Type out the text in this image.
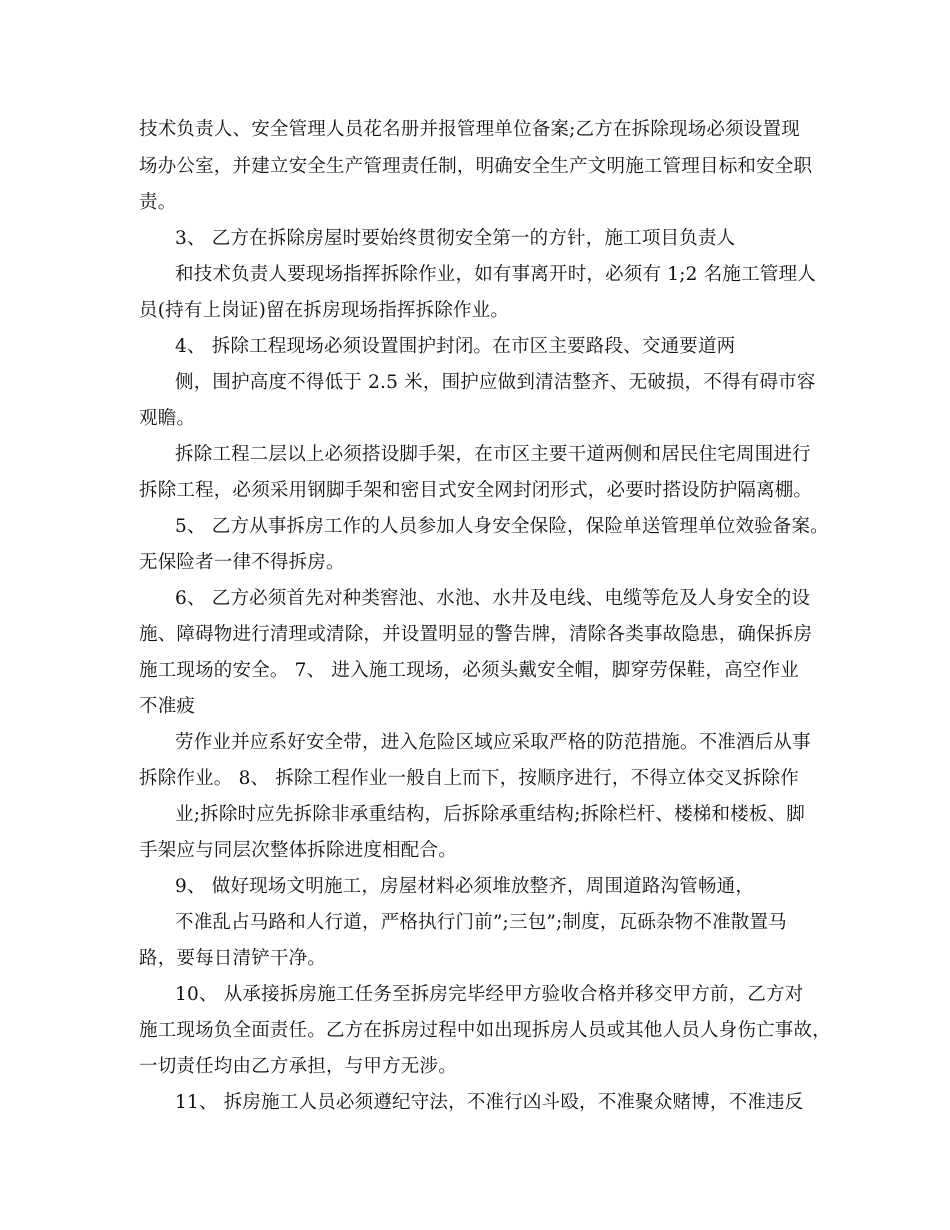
技术负责人、安全管理人员花名册并报管理单位备案;乙方在拆除现场必须设置现
场办公室，并建立安全生产管理责任制，明确安全生产文明施工管理目标和安全职
责。
3、 乙方在拆除房屋时要始终贯彻安全第一的方针，施工项目负责人
和技术负责人要现场指挥拆除作业，如有事离开时，必须有 1;2 名施工管理人
员(持有上岗证)留在拆房现场指挥拆除作业。
4、 拆除工程现场必须设置围护封闭。在市区主要路段、交通要道两
侧，围护高度不得低于 2.5 米，围护应做到清洁整齐、无破损，不得有碍市容
观瞻。
拆除工程二层以上必须搭设脚手架，在市区主要干道两侧和居民住宅周围进行
拆除工程，必须采用钢脚手架和密目式安全网封闭形式，必要时搭设防护隔离棚。
5、 乙方从事拆房工作的人员参加人身安全保险，保险单送管理单位效验备案。
无保险者一律不得拆房。
6、 乙方必须首先对种类窖池、水池、水井及电线、电缆等危及人身安全的设
施、障碍物进行清理或清除，并设置明显的警告牌，清除各类事故隐患，确保拆房
施工现场的安全。 7、 进入施工现场，必须头戴安全帽，脚穿劳保鞋，高空作业
不准疲
劳作业并应系好安全带，进入危险区域应采取严格的防范措施。不准酒后从事
拆除作业。 8、 拆除工程作业一般自上而下，按顺序进行，不得立体交叉拆除作
业;拆除时应先拆除非承重结构，后拆除承重结构;拆除栏杆、楼梯和楼板、脚
手架应与同层次整体拆除进度相配合。
9、 做好现场文明施工，房屋材料必须堆放整齐，周围道路沟管畅通，
不准乱占马路和人行道，严格执行门前”;三包”;制度，瓦砾杂物不准散置马
路，要每日清铲干净。
10、 从承接拆房施工任务至拆房完毕经甲方验收合格并移交甲方前，乙方对
施工现场负全面责任。乙方在拆房过程中如出现拆房人员或其他人员人身伤亡事故，
一切责任均由乙方承担，与甲方无涉。
11、 拆房施工人员必须遵纪守法，不准行凶斗殴，不准聚众赌博，不准违反
